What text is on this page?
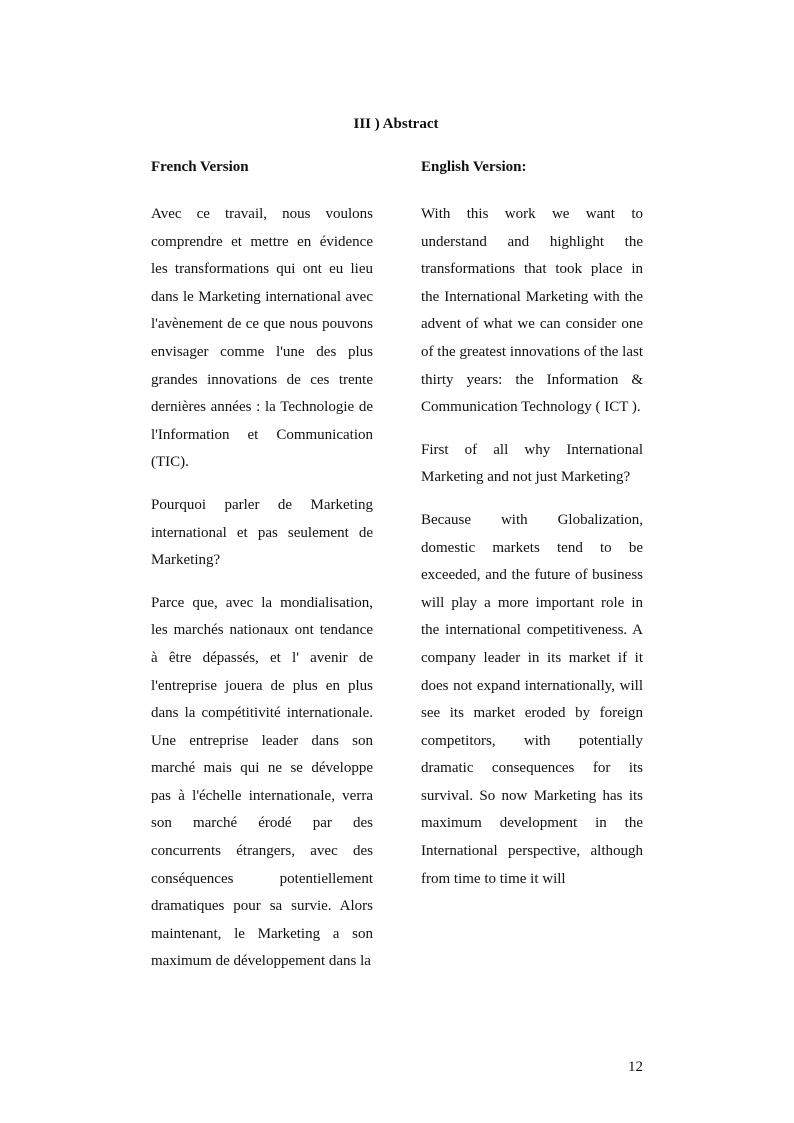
III ) Abstract
French Version

Avec ce travail, nous voulons comprendre et mettre en évidence les transformations qui ont eu lieu dans le Marketing international avec l'avènement de ce que nous pouvons envisager comme l'une des plus grandes innovations de ces trente dernières années : la Technologie de l'Information et Communication (TIC).

Pourquoi parler de Marketing international et pas seulement de Marketing?

Parce que, avec la mondialisation, les marchés nationaux ont tendance à être dépassés, et l' avenir de l'entreprise jouera de plus en plus dans la compétitivité internationale. Une entreprise leader dans son marché mais qui ne se développe pas à l'échelle internationale, verra son marché érodé par des concurrents étrangers, avec des conséquences potentiellement dramatiques pour sa survie. Alors maintenant, le Marketing a son maximum de développement dans la

English Version:

With this work we want to understand and highlight the transformations that took place in the International Marketing with the advent of what we can consider one of the greatest innovations of the last thirty years: the Information & Communication Technology ( ICT ).

First of all why International Marketing and not just Marketing?

Because with Globalization, domestic markets tend to be exceeded, and the future of business will play a more important role in the international competitiveness. A company leader in its market if it does not expand internationally, will see its market eroded by foreign competitors, with potentially dramatic consequences for its survival. So now Marketing has its maximum development in the International perspective, although from time to time it will

12
